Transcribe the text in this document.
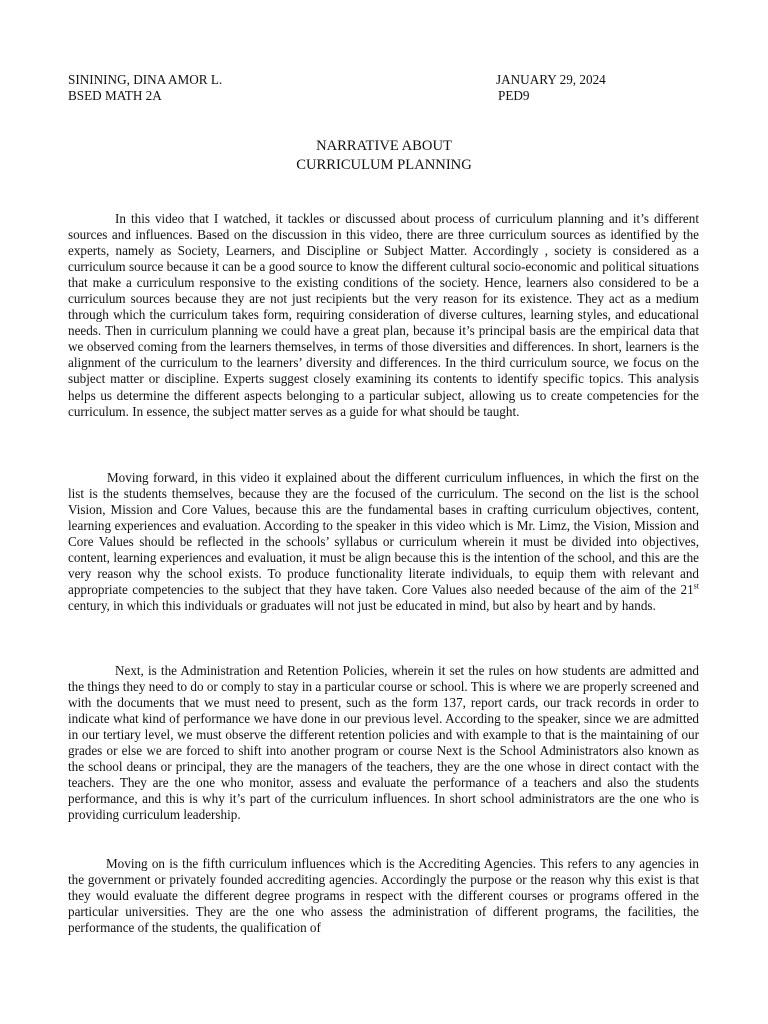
SININING, DINA AMOR L.
BSED MATH 2A
JANUARY 29, 2024
PED9
NARRATIVE ABOUT
CURRICULUM PLANNING

In this video that I watched, it tackles or discussed about process of curriculum planning and it’s different sources and influences. Based on the discussion in this video, there are three curriculum sources as identified by the experts, namely as Society, Learners, and Discipline or Subject Matter. Accordingly , society is considered as a curriculum source because it can be a good source to know the different cultural socio-economic and political situations that make a curriculum responsive to the existing conditions of the society. Hence, learners also considered to be a curriculum sources because they are not just recipients but the very reason for its existence. They act as a medium through which the curriculum takes form, requiring consideration of diverse cultures, learning styles, and educational needs. Then in curriculum planning we could have a great plan, because it’s principal basis are the empirical data that we observed coming from the learners themselves, in terms of those diversities and differences. In short, learners is the alignment of the curriculum to the learners’ diversity and differences. In the third curriculum source, we focus on the subject matter or discipline. Experts suggest closely examining its contents to identify specific topics. This analysis helps us determine the different aspects belonging to a particular subject, allowing us to create competencies for the curriculum. In essence, the subject matter serves as a guide for what should be taught.

Moving forward, in this video it explained about the different curriculum influences, in which the first on the list is the students themselves, because they are the focused of the curriculum. The second on the list is the school Vision, Mission and Core Values, because this are the fundamental bases in crafting curriculum objectives, content, learning experiences and evaluation. According to the speaker in this video which is Mr. Limz, the Vision, Mission and Core Values should be reflected in the schools’ syllabus or curriculum wherein it must be divided into objectives, content, learning experiences and evaluation, it must be align because this is the intention of the school, and this are the very reason why the school exists. To produce functionality literate individuals, to equip them with relevant and appropriate competencies to the subject that they have taken. Core Values also needed because of the aim of the 21st century, in which this individuals or graduates will not just be educated in mind, but also by heart and by hands.

Next, is the Administration and Retention Policies, wherein it set the rules on how students are admitted and the things they need to do or comply to stay in a particular course or school. This is where we are properly screened and with the documents that we must need to present, such as the form 137, report cards, our track records in order to indicate what kind of performance we have done in our previous level. According to the speaker, since we are admitted in our tertiary level, we must observe the different retention policies and with example to that is the maintaining of our grades or else we are forced to shift into another program or course Next is the School Administrators also known as the school deans or principal, they are the managers of the teachers, they are the one whose in direct contact with the teachers. They are the one who monitor, assess and evaluate the performance of a teachers and also the students performance, and this is why it’s part of the curriculum influences. In short school administrators are the one who is providing curriculum leadership.

Moving on is the fifth curriculum influences which is the Accrediting Agencies. This refers to any agencies in the government or privately founded accrediting agencies. Accordingly the purpose or the reason why this exist is that they would evaluate the different degree programs in respect with the different courses or programs offered in the particular universities. They are the one who assess the administration of different programs, the facilities, the performance of the students, the qualification of
